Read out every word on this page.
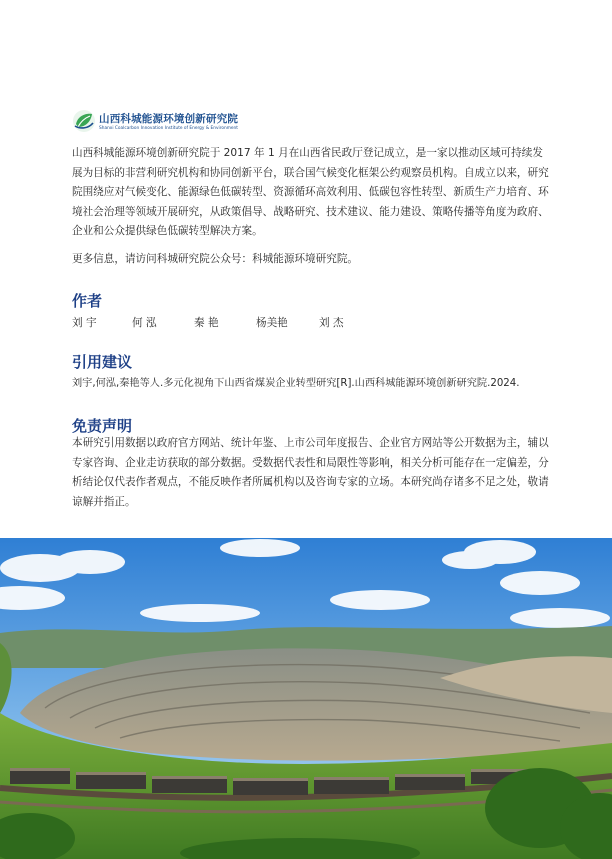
山西科城能源环境创新研究院
Shanxi Coalcarbon Innovation Institute of Energy & Environment

山西科城能源环境创新研究院于 2017 年 1 月在山西省民政厅登记成立，是一家以推动区域可持续发展为目标的非营利研究机构和协同创新平台，联合国气候变化框架公约观察员机构。自成立以来，研究院围绕应对气候变化、能源绿色低碳转型、资源循环高效利用、低碳包容性转型、新质生产力培育、环境社会治理等领域开展研究，从政策倡导、战略研究、技术建议、能力建设、策略传播等角度为政府、企业和公众提供绿色低碳转型解决方案。

更多信息，请访问科城研究院公众号：科城能源环境研究院。

作者
刘 宇	何 泓	秦 艳	杨美艳	刘 杰
引用建议
刘宇,何泓,秦艳等人.多元化视角下山西省煤炭企业转型研究[R].山西科城能源环境创新研究院.2024.
免责声明

本研究引用数据以政府官方网站、统计年鉴、上市公司年度报告、企业官方网站等公开数据为主，辅以专家咨询、企业走访获取的部分数据。受数据代表性和局限性等影响，相关分析可能存在一定偏差，分析结论仅代表作者观点，不能反映作者所属机构以及咨询专家的立场。本研究尚存诸多不足之处，敬请谅解并指正。
